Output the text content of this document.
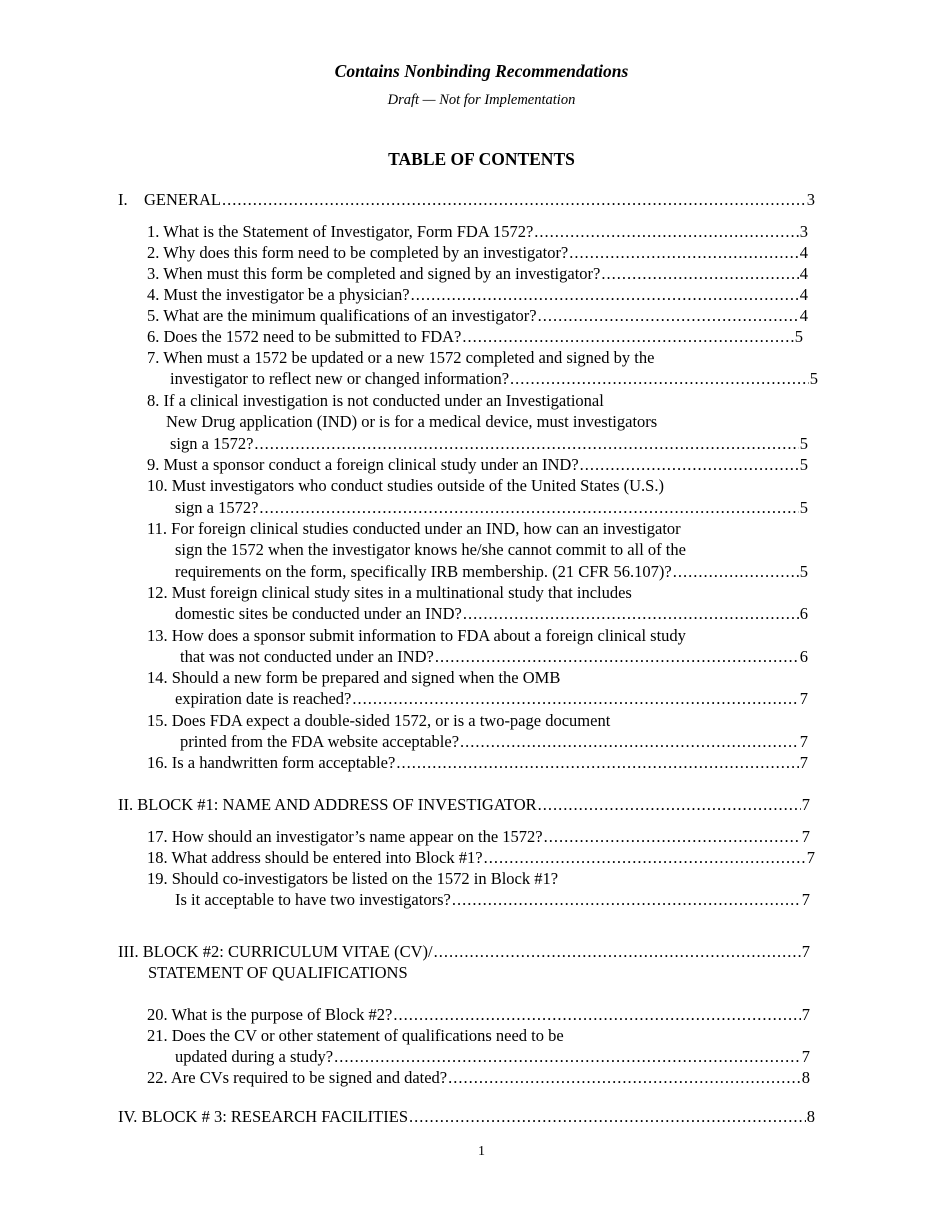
Contains Nonbinding Recommendations
Draft — Not for Implementation
TABLE OF CONTENTS
I. GENERAL .....	3
1. What is the Statement of Investigator, Form FDA 1572? .....	3
2. Why does this form need to be completed by an investigator? .....	4
3. When must this form be completed and signed by an investigator? .....	4
4. Must the investigator be a physician? .....	4
5. What are the minimum qualifications of an investigator? .....	4
6. Does the 1572 need to be submitted to FDA? .....	5
7. When must a 1572 be updated or a new 1572 completed and signed by the
investigator to reflect new or changed information? .....	5
8. If a clinical investigation is not conducted under an Investigational
New Drug application (IND) or is for a medical device, must investigators
sign a 1572? .....	5
9. Must a sponsor conduct a foreign clinical study under an IND? .....	5
10. Must investigators who conduct studies outside of the United States (U.S.)
sign a 1572? .....	5
11. For foreign clinical studies conducted under an IND, how can an investigator
sign the 1572 when the investigator knows he/she cannot commit to all of the
requirements on the form, specifically IRB membership. (21 CFR 56.107)? .....	5
12. Must foreign clinical study sites in a multinational study that includes
domestic sites be conducted under an IND? .....	6
13. How does a sponsor submit information to FDA about a foreign clinical study
that was not conducted under an IND? .....	6
14. Should a new form be prepared and signed when the OMB
expiration date is reached? .....	7
15. Does FDA expect a double-sided 1572, or is a two-page document
printed from the FDA website acceptable? .....	7
16. Is a handwritten form acceptable? .....	7
II. BLOCK #1: NAME AND ADDRESS OF INVESTIGATOR .....	7
17. How should an investigator’s name appear on the 1572? .....	7
18. What address should be entered into Block #1? .....	7
19. Should co-investigators be listed on the 1572 in Block #1?
Is it acceptable to have two investigators? .....	7
III. BLOCK #2: CURRICULUM VITAE (CV)/ .....	7
STATEMENT OF QUALIFICATIONS
20. What is the purpose of Block #2? .....	7
21. Does the CV or other statement of qualifications need to be
updated during a study? .....	7
22. Are CVs required to be signed and dated? .....	8
IV. BLOCK # 3: RESEARCH FACILITIES .....	8
1
